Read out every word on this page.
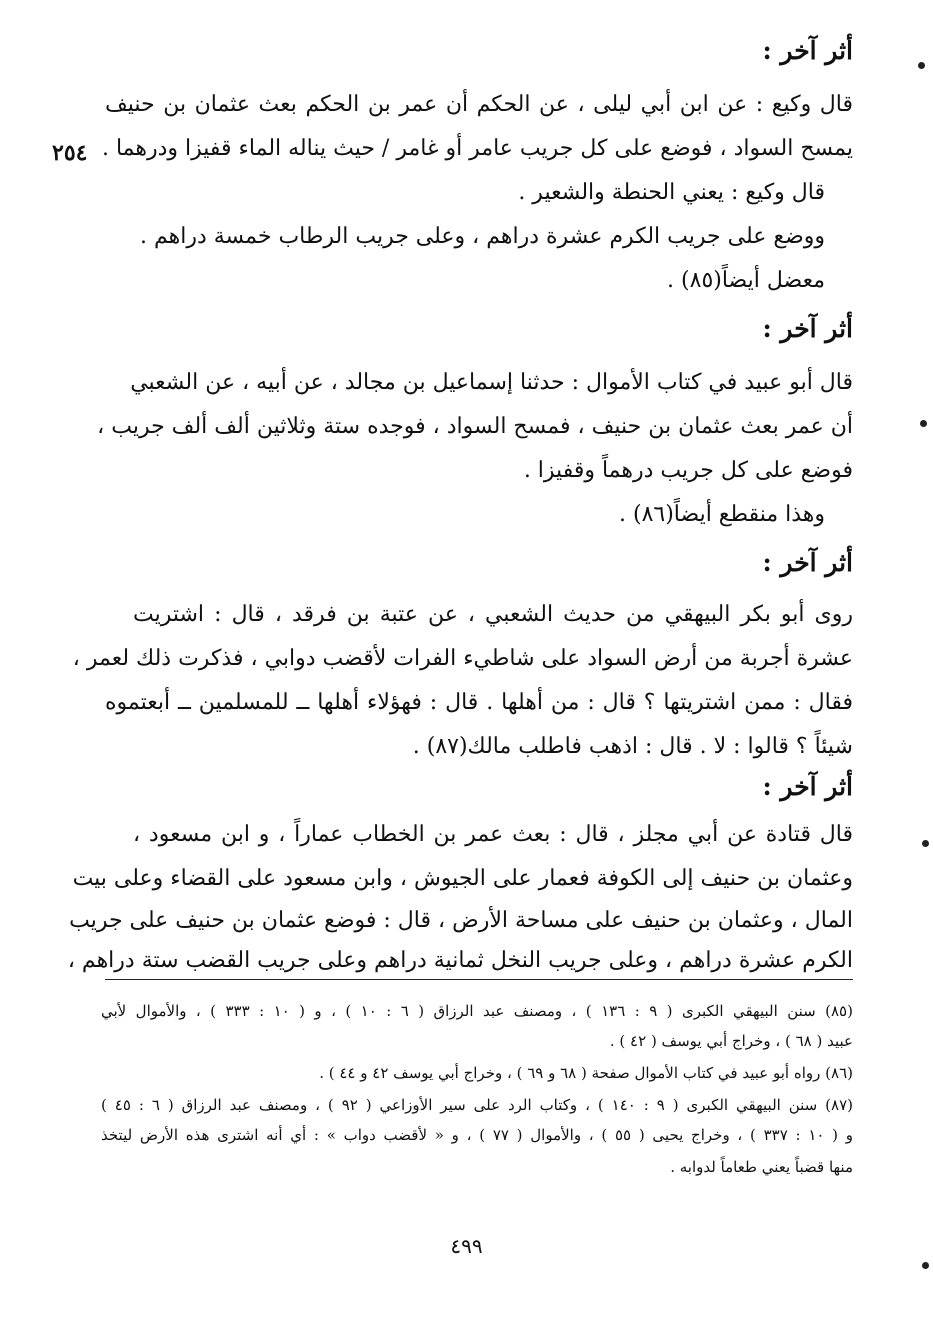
٢٥٤
أثر آخر :
قال وكيع : عن ابن أبي ليلى ، عن الحكم أن عمر بن الحكم بعث عثمان بن حنيف
يمسح السواد ، فوضع على كل جريب عامر أو غامر / حيث يناله الماء قفيزا ودرهما .
قال وكيع : يعني الحنطة والشعير .
ووضع على جريب الكرم عشرة دراهم ، وعلى جريب الرطاب خمسة دراهم .
معضل أيضاً(٨٥) .
أثر آخر :
قال أبو عبيد في كتاب الأموال : حدثنا إسماعيل بن مجالد ، عن أبيه ، عن الشعبي
أن عمر بعث عثمان بن حنيف ، فمسح السواد ، فوجده ستة وثلاثين ألف ألف جريب ،
فوضع على كل جريب درهماً وقفيزا .
وهذا منقطع أيضاً(٨٦) .
أثر آخر :
روى أبو بكر البيهقي من حديث الشعبي ، عن عتبة بن فرقد ، قال : اشتريت
عشرة أجربة من أرض السواد على شاطيء الفرات لأقضب دوابي ، فذكرت ذلك لعمر ،
فقال : ممن اشتريتها ؟ قال : من أهلها . قال : فهؤلاء أهلها ــ للمسلمين ــ أبعتموه
شيئاً ؟ قالوا : لا . قال : اذهب فاطلب مالك(٨٧) .
أثر آخر :
قال قتادة عن أبي مجلز ، قال : بعث عمر بن الخطاب عماراً ، و ابن مسعود ،
وعثمان بن حنيف إلى الكوفة فعمار على الجيوش ، وابن مسعود على القضاء وعلى بيت
المال ، وعثمان بن حنيف على مساحة الأرض ، قال : فوضع عثمان بن حنيف على جريب
الكرم عشرة دراهم ، وعلى جريب النخل ثمانية دراهم وعلى جريب القضب ستة دراهم ،
(٨٥) سنن البيهقي الكبرى ( ٩ : ١٣٦ ) ، ومصنف عبد الرزاق ( ٦ : ١٠ ) ، و ( ١٠ : ٣٣٣ ) ، والأموال لأبي
عبيد ( ٦٨ ) ، وخراج أبي يوسف ( ٤٢ ) .
(٨٦) رواه أبو عبيد في كتاب الأموال صفحة ( ٦٨ و ٦٩ ) ، وخراج أبي يوسف ٤٢ و ٤٤ ) .
(٨٧) سنن البيهقي الكبرى ( ٩ : ١٤٠ ) ، وكتاب الرد على سير الأوزاعي ( ٩٢ ) ، ومصنف عبد الرزاق ( ٦ : ٤٥ )
و ( ١٠ : ٣٣٧ ) ، وخراج يحيى ( ٥٥ ) ، والأموال ( ٧٧ ) ، و « لأقضب دواب » : أي أنه اشترى هذه الأرض ليتخذ
منها قضباً يعني طعاماً لدوابه .
٤٩٩
